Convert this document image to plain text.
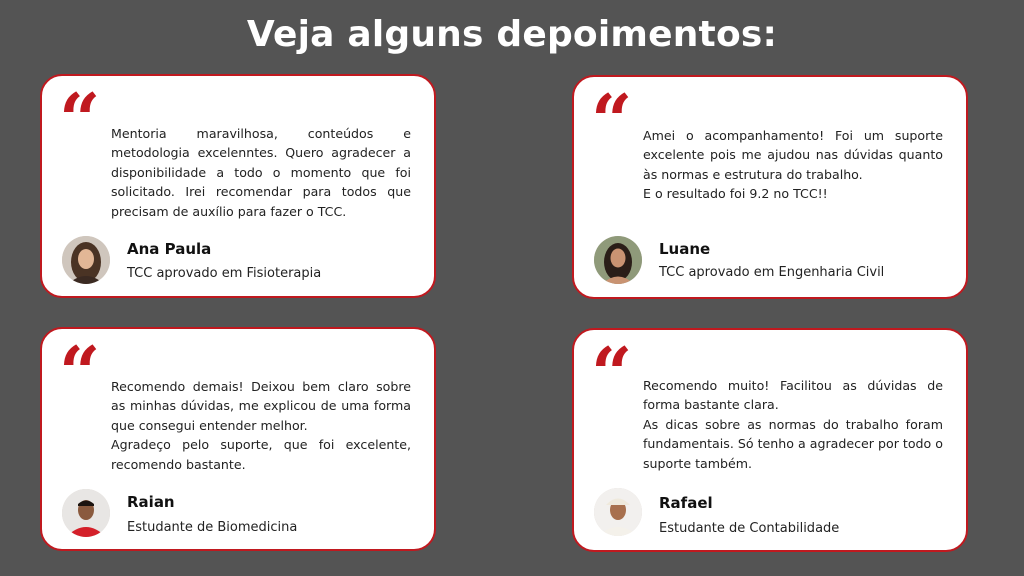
Veja alguns depoimentos:
“ Mentoria maravilhosa, conteúdos e metodologia excelenntes. Quero agradecer a disponibilidade a todo o momento que foi solicitado. Irei recomendar para todos que precisam de auxílio para fazer o TCC.
Ana Paula
TCC aprovado em Fisioterapia
“ Amei o acompanhamento! Foi um suporte excelente pois me ajudou nas dúvidas quanto às normas e estrutura do trabalho.
E o resultado foi 9.2 no TCC!!
Luane
TCC aprovado em Engenharia Civil
“ Recomendo demais! Deixou bem claro sobre as minhas dúvidas, me explicou de uma forma que consegui entender melhor.
Agradeço pelo suporte, que foi excelente, recomendo bastante.
Raian
Estudante de Biomedicina
“ Recomendo muito! Facilitou as dúvidas de forma bastante clara.
As dicas sobre as normas do trabalho foram fundamentais. Só tenho a agradecer por todo o suporte também.
Rafael
Estudante de Contabilidade
